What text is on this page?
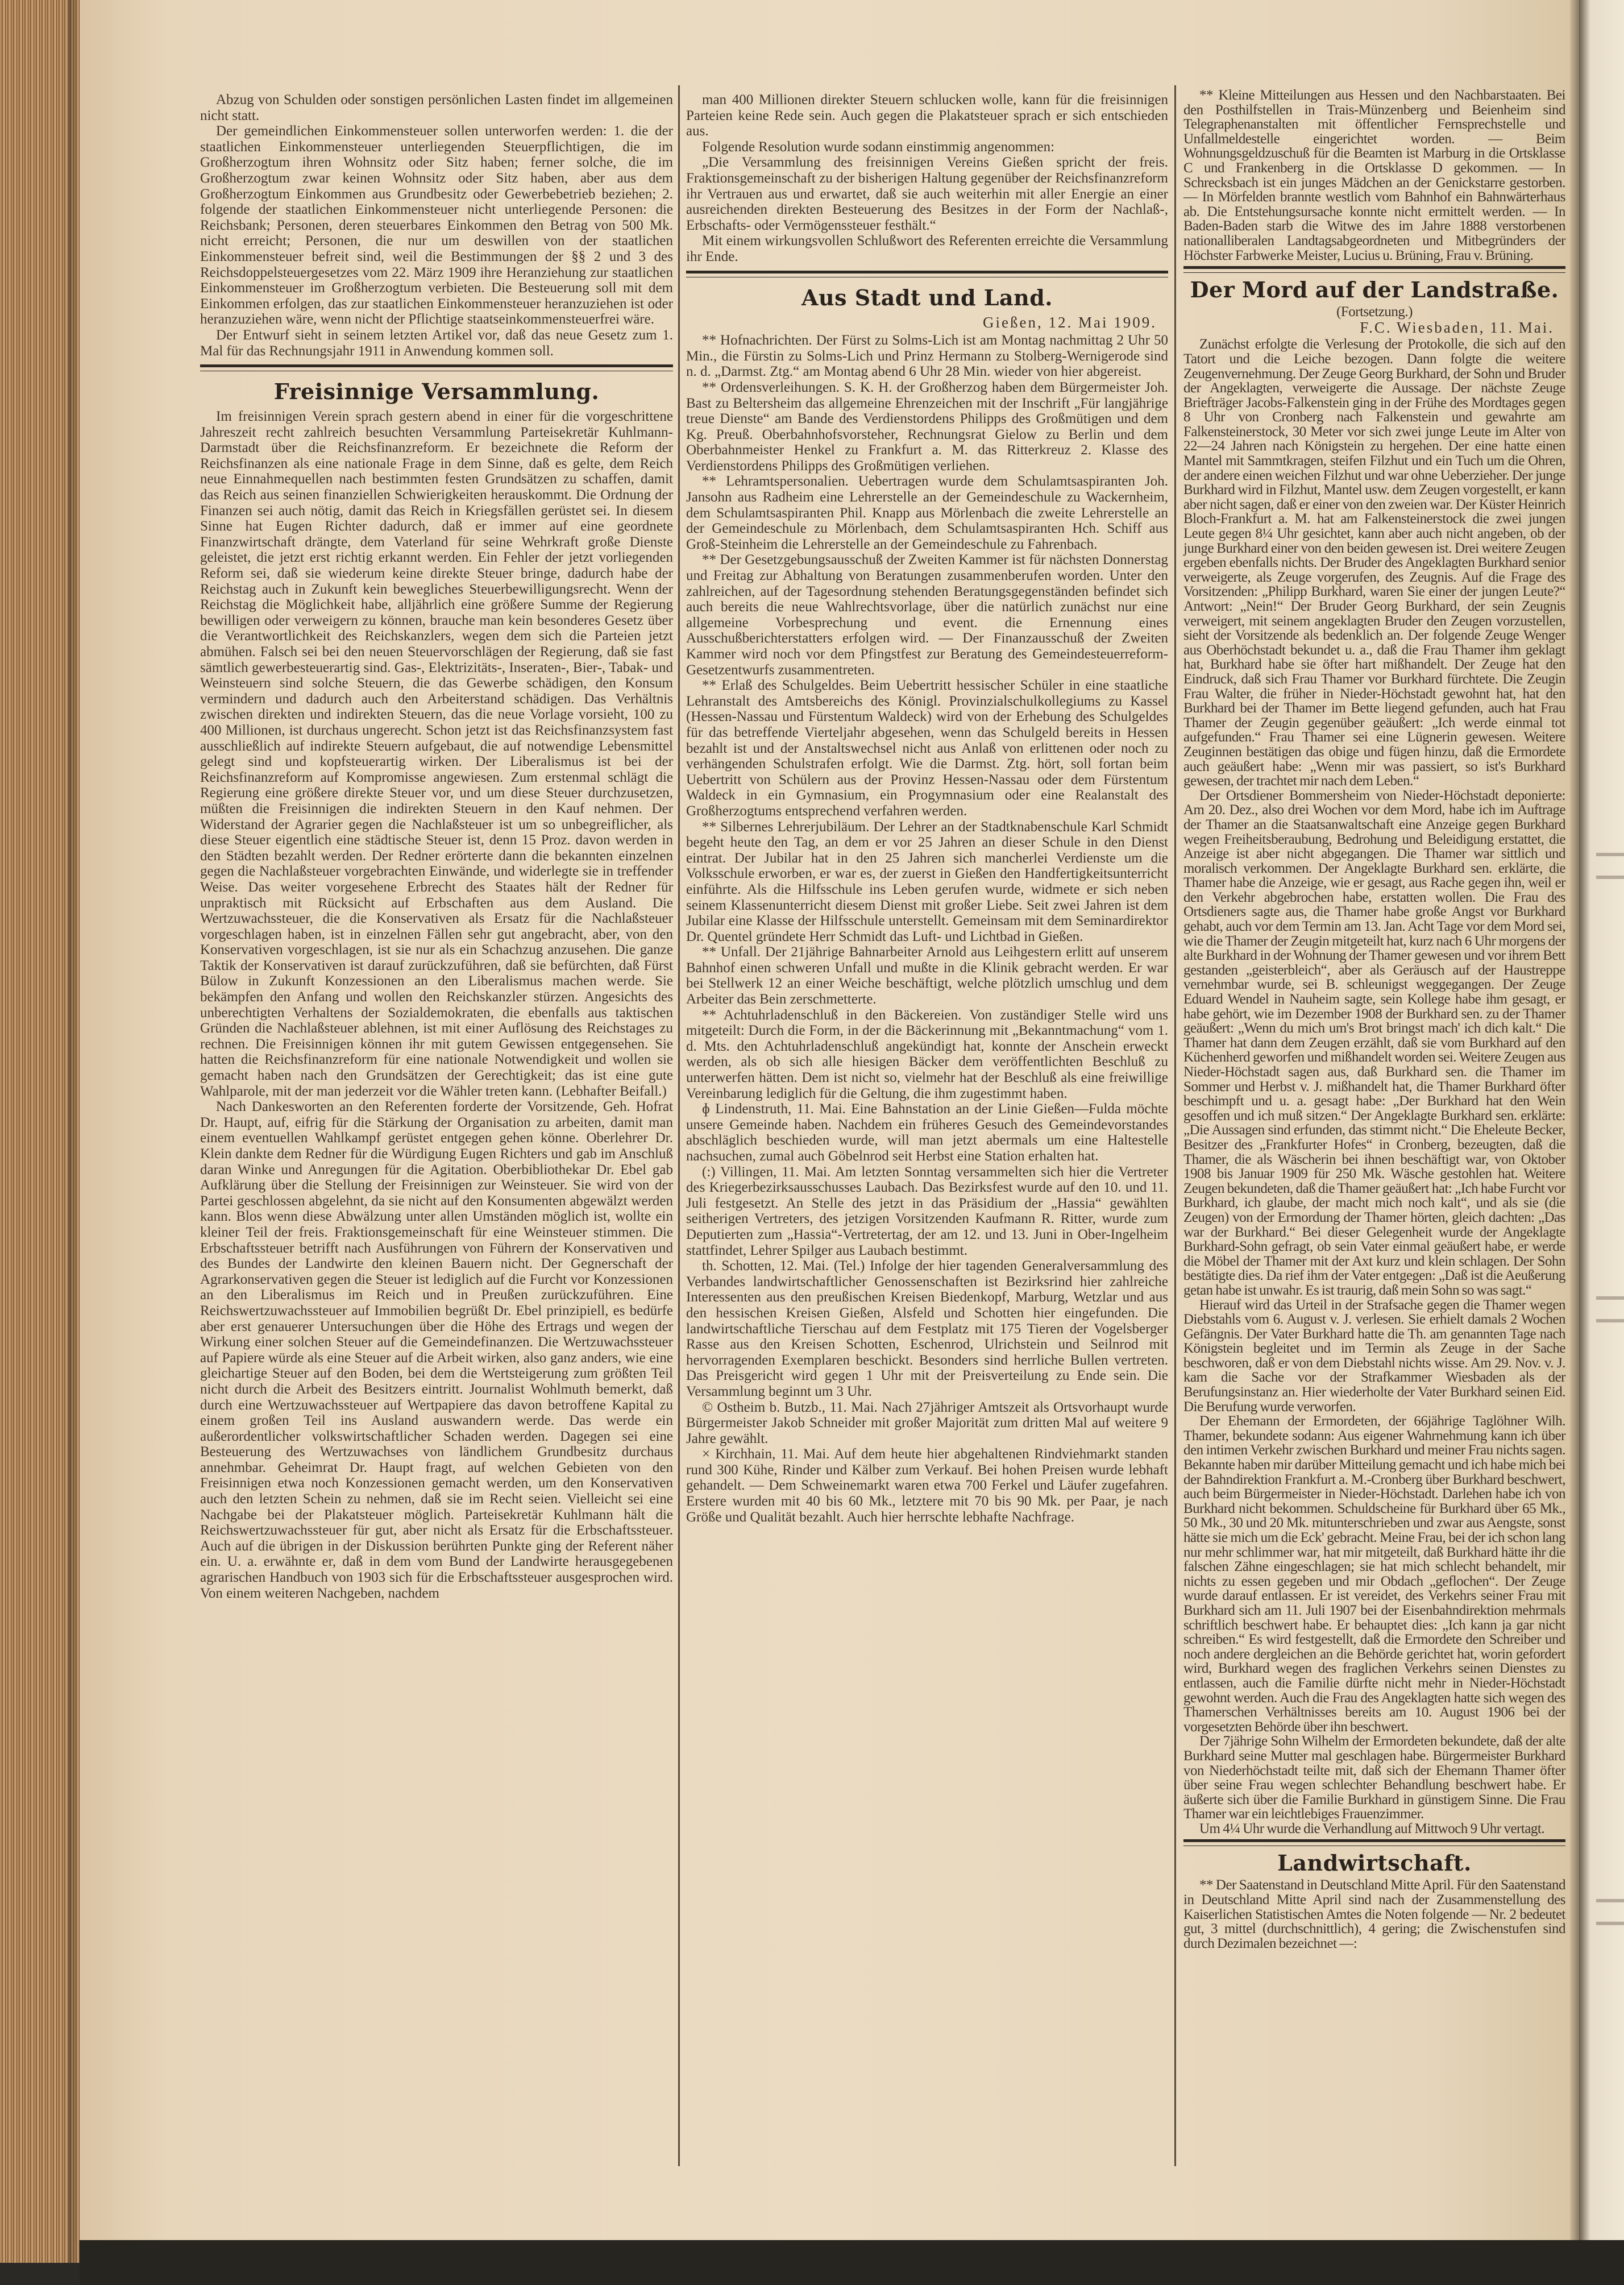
Abzug von Schulden oder sonstigen persönlichen Lasten findet im allgemeinen nicht statt.

Der gemeindlichen Einkommensteuer sollen unterworfen werden: 1. die der staatlichen Einkommensteuer unterliegenden Steuerpflichtigen, die im Großherzogtum ihren Wohnsitz oder Sitz haben; ferner solche, die im Großherzogtum zwar keinen Wohnsitz oder Sitz haben, aber aus dem Großherzogtum Einkommen aus Grundbesitz oder Gewerbebetrieb beziehen; 2. folgende der staatlichen Einkommensteuer nicht unterliegende Personen: die Reichsbank; Personen, deren steuerbares Einkommen den Betrag von 500 Mk. nicht erreicht; Personen, die nur um deswillen von der staatlichen Einkommensteuer befreit sind, weil die Bestimmungen der §§ 2 und 3 des Reichsdoppelsteuergesetzes vom 22. März 1909 ihre Heranziehung zur staatlichen Einkommensteuer im Großherzogtum verbieten. Die Besteuerung soll mit dem Einkommen erfolgen, das zur staatlichen Einkommensteuer heranzuziehen ist oder heranzuziehen wäre, wenn nicht der Pflichtige staatseinkommensteuerfrei wäre.

Der Entwurf sieht in seinem letzten Artikel vor, daß das neue Gesetz zum 1. Mal für das Rechnungsjahr 1911 in Anwendung kommen soll.

Freisinnige Versammlung.

Im freisinnigen Verein sprach gestern abend in einer für die vorgeschrittene Jahreszeit recht zahlreich besuchten Versammlung Parteisekretär Kuhlmann-Darmstadt über die Reichsfinanzreform. Er bezeichnete die Reform der Reichsfinanzen als eine nationale Frage in dem Sinne, daß es gelte, dem Reich neue Einnahmequellen nach bestimmten festen Grundsätzen zu schaffen, damit das Reich aus seinen finanziellen Schwierigkeiten herauskommt. Die Ordnung der Finanzen sei auch nötig, damit das Reich in Kriegsfällen gerüstet sei. In diesem Sinne hat Eugen Richter dadurch, daß er immer auf eine geordnete Finanzwirtschaft drängte, dem Vaterland für seine Wehrkraft große Dienste geleistet, die jetzt erst richtig erkannt werden. Ein Fehler der jetzt vorliegenden Reform sei, daß sie wiederum keine direkte Steuer bringe, dadurch habe der Reichstag auch in Zukunft kein bewegliches Steuerbewilligungsrecht. Wenn der Reichstag die Möglichkeit habe, alljährlich eine größere Summe der Regierung bewilligen oder verweigern zu können, brauche man kein besonderes Gesetz über die Verantwortlichkeit des Reichskanzlers, wegen dem sich die Parteien jetzt abmühen. Falsch sei bei den neuen Steuervorschlägen der Regierung, daß sie fast sämtlich gewerbesteuerartig sind. Gas-, Elektrizitäts-, Inseraten-, Bier-, Tabak- und Weinsteuern sind solche Steuern, die das Gewerbe schädigen, den Konsum vermindern und dadurch auch den Arbeiterstand schädigen. Das Verhältnis zwischen direkten und indirekten Steuern, das die neue Vorlage vorsieht, 100 zu 400 Millionen, ist durchaus ungerecht. Schon jetzt ist das Reichsfinanzsystem fast ausschließlich auf indirekte Steuern aufgebaut, die auf notwendige Lebensmittel gelegt sind und kopfsteuerartig wirken. Der Liberalismus ist bei der Reichsfinanzreform auf Kompromisse angewiesen. Zum erstenmal schlägt die Regierung eine größere direkte Steuer vor, und um diese Steuer durchzusetzen, müßten die Freisinnigen die indirekten Steuern in den Kauf nehmen. Der Widerstand der Agrarier gegen die Nachlaßsteuer ist um so unbegreiflicher, als diese Steuer eigentlich eine städtische Steuer ist, denn 15 Proz. davon werden in den Städten bezahlt werden. Der Redner erörterte dann die bekannten einzelnen gegen die Nachlaßsteuer vorgebrachten Einwände, und widerlegte sie in treffender Weise. Das weiter vorgesehene Erbrecht des Staates hält der Redner für unpraktisch mit Rücksicht auf Erbschaften aus dem Ausland. Die Wertzuwachssteuer, die die Konservativen als Ersatz für die Nachlaßsteuer vorgeschlagen haben, ist in einzelnen Fällen sehr gut angebracht, aber, von den Konservativen vorgeschlagen, ist sie nur als ein Schachzug anzusehen. Die ganze Taktik der Konservativen ist darauf zurückzuführen, daß sie befürchten, daß Fürst Bülow in Zukunft Konzessionen an den Liberalismus machen werde. Sie bekämpfen den Anfang und wollen den Reichskanzler stürzen. Angesichts des unberechtigten Verhaltens der Sozialdemokraten, die ebenfalls aus taktischen Gründen die Nachlaßsteuer ablehnen, ist mit einer Auflösung des Reichstages zu rechnen. Die Freisinnigen können ihr mit gutem Gewissen entgegensehen. Sie hatten die Reichsfinanzreform für eine nationale Notwendigkeit und wollen sie gemacht haben nach den Grundsätzen der Gerechtigkeit; das ist eine gute Wahlparole, mit der man jederzeit vor die Wähler treten kann. (Lebhafter Beifall.)

Nach Dankesworten an den Referenten forderte der Vorsitzende, Geh. Hofrat Dr. Haupt, auf, eifrig für die Stärkung der Organisation zu arbeiten, damit man einem eventuellen Wahlkampf gerüstet entgegen gehen könne. Oberlehrer Dr. Klein dankte dem Redner für die Würdigung Eugen Richters und gab im Anschluß daran Winke und Anregungen für die Agitation. Oberbibliothekar Dr. Ebel gab Aufklärung über die Stellung der Freisinnigen zur Weinsteuer. Sie wird von der Partei geschlossen abgelehnt, da sie nicht auf den Konsumenten abgewälzt werden kann. Blos wenn diese Abwälzung unter allen Umständen möglich ist, wollte ein kleiner Teil der freis. Fraktionsgemeinschaft für eine Weinsteuer stimmen. Die Erbschaftssteuer betrifft nach Ausführungen von Führern der Konservativen und des Bundes der Landwirte den kleinen Bauern nicht. Der Gegnerschaft der Agrarkonservativen gegen die Steuer ist lediglich auf die Furcht vor Konzessionen an den Liberalismus im Reich und in Preußen zurückzuführen. Eine Reichswertzuwachssteuer auf Immobilien begrüßt Dr. Ebel prinzipiell, es bedürfe aber erst genauerer Untersuchungen über die Höhe des Ertrags und wegen der Wirkung einer solchen Steuer auf die Gemeindefinanzen. Die Wertzuwachssteuer auf Papiere würde als eine Steuer auf die Arbeit wirken, also ganz anders, wie eine gleichartige Steuer auf den Boden, bei dem die Wertsteigerung zum größten Teil nicht durch die Arbeit des Besitzers eintritt. Journalist Wohlmuth bemerkt, daß durch eine Wertzuwachssteuer auf Wertpapiere das davon betroffene Kapital zu einem großen Teil ins Ausland auswandern werde. Das werde ein außerordentlicher volkswirtschaftlicher Schaden werden. Dagegen sei eine Besteuerung des Wertzuwachses von ländlichem Grundbesitz durchaus annehmbar. Geheimrat Dr. Haupt fragt, auf welchen Gebieten von den Freisinnigen etwa noch Konzessionen gemacht werden, um den Konservativen auch den letzten Schein zu nehmen, daß sie im Recht seien. Vielleicht sei eine Nachgabe bei der Plakatsteuer möglich. Parteisekretär Kuhlmann hält die Reichswertzuwachssteuer für gut, aber nicht als Ersatz für die Erbschaftssteuer. Auch auf die übrigen in der Diskussion berührten Punkte ging der Referent näher ein. U. a. erwähnte er, daß in dem vom Bund der Landwirte herausgegebenen agrarischen Handbuch von 1903 sich für die Erbschaftssteuer ausgesprochen wird. Von einem weiteren Nachgeben, nachdem

man 400 Millionen direkter Steuern schlucken wolle, kann für die freisinnigen Parteien keine Rede sein. Auch gegen die Plakatsteuer sprach er sich entschieden aus.

Folgende Resolution wurde sodann einstimmig angenommen:

„Die Versammlung des freisinnigen Vereins Gießen spricht der freis. Fraktionsgemeinschaft zu der bisherigen Haltung gegenüber der Reichsfinanzreform ihr Vertrauen aus und erwartet, daß sie auch weiterhin mit aller Energie an einer ausreichenden direkten Besteuerung des Besitzes in der Form der Nachlaß-, Erbschafts- oder Vermögenssteuer festhält.“

Mit einem wirkungsvollen Schlußwort des Referenten erreichte die Versammlung ihr Ende.

Aus Stadt und Land.
Gießen, 12. Mai 1909.

** Hofnachrichten. Der Fürst zu Solms-Lich ist am Montag nachmittag 2 Uhr 50 Min., die Fürstin zu Solms-Lich und Prinz Hermann zu Stolberg-Wernigerode sind n. d. „Darmst. Ztg.“ am Montag abend 6 Uhr 28 Min. wieder von hier abgereist.

** Ordensverleihungen. S. K. H. der Großherzog haben dem Bürgermeister Joh. Bast zu Beltersheim das allgemeine Ehrenzeichen mit der Inschrift „Für langjährige treue Dienste“ am Bande des Verdienstordens Philipps des Großmütigen und dem Kg. Preuß. Oberbahnhofsvorsteher, Rechnungsrat Gielow zu Berlin und dem Oberbahnmeister Henkel zu Frankfurt a. M. das Ritterkreuz 2. Klasse des Verdienstordens Philipps des Großmütigen verliehen.

** Lehramtspersonalien. Uebertragen wurde dem Schulamtsaspiranten Joh. Jansohn aus Radheim eine Lehrerstelle an der Gemeindeschule zu Wackernheim, dem Schulamtsaspiranten Phil. Knapp aus Mörlenbach die zweite Lehrerstelle an der Gemeindeschule zu Mörlenbach, dem Schulamtsaspiranten Hch. Schiff aus Groß-Steinheim die Lehrerstelle an der Gemeindeschule zu Fahrenbach.

** Der Gesetzgebungsausschuß der Zweiten Kammer ist für nächsten Donnerstag und Freitag zur Abhaltung von Beratungen zusammenberufen worden. Unter den zahlreichen, auf der Tagesordnung stehenden Beratungsgegenständen befindet sich auch bereits die neue Wahlrechtsvorlage, über die natürlich zunächst nur eine allgemeine Vorbesprechung und event. die Ernennung eines Ausschußberichterstatters erfolgen wird. — Der Finanzausschuß der Zweiten Kammer wird noch vor dem Pfingstfest zur Beratung des Gemeindesteuerreform-Gesetzentwurfs zusammentreten.

** Erlaß des Schulgeldes. Beim Uebertritt hessischer Schüler in eine staatliche Lehranstalt des Amtsbereichs des Königl. Provinzialschulkollegiums zu Kassel (Hessen-Nassau und Fürstentum Waldeck) wird von der Erhebung des Schulgeldes für das betreffende Vierteljahr abgesehen, wenn das Schulgeld bereits in Hessen bezahlt ist und der Anstaltswechsel nicht aus Anlaß von erlittenen oder noch zu verhängenden Schulstrafen erfolgt. Wie die Darmst. Ztg. hört, soll fortan beim Uebertritt von Schülern aus der Provinz Hessen-Nassau oder dem Fürstentum Waldeck in ein Gymnasium, ein Progymnasium oder eine Realanstalt des Großherzogtums entsprechend verfahren werden.

** Silbernes Lehrerjubiläum. Der Lehrer an der Stadtknabenschule Karl Schmidt begeht heute den Tag, an dem er vor 25 Jahren an dieser Schule in den Dienst eintrat. Der Jubilar hat in den 25 Jahren sich mancherlei Verdienste um die Volksschule erworben, er war es, der zuerst in Gießen den Handfertigkeitsunterricht einführte. Als die Hilfsschule ins Leben gerufen wurde, widmete er sich neben seinem Klassenunterricht diesem Dienst mit großer Liebe. Seit zwei Jahren ist dem Jubilar eine Klasse der Hilfsschule unterstellt. Gemeinsam mit dem Seminardirektor Dr. Quentel gründete Herr Schmidt das Luft- und Lichtbad in Gießen.

** Unfall. Der 21jährige Bahnarbeiter Arnold aus Leihgestern erlitt auf unserem Bahnhof einen schweren Unfall und mußte in die Klinik gebracht werden. Er war bei Stellwerk 12 an einer Weiche beschäftigt, welche plötzlich umschlug und dem Arbeiter das Bein zerschmetterte.

** Achtuhrladenschluß in den Bäckereien. Von zuständiger Stelle wird uns mitgeteilt: Durch die Form, in der die Bäckerinnung mit „Bekanntmachung“ vom 1. d. Mts. den Achtuhrladenschluß angekündigt hat, konnte der Anschein erweckt werden, als ob sich alle hiesigen Bäcker dem veröffentlichten Beschluß zu unterwerfen hätten. Dem ist nicht so, vielmehr hat der Beschluß als eine freiwillige Vereinbarung lediglich für die Geltung, die ihm zugestimmt haben.

ɸ Lindenstruth, 11. Mai. Eine Bahnstation an der Linie Gießen—Fulda möchte unsere Gemeinde haben. Nachdem ein früheres Gesuch des Gemeindevorstandes abschläglich beschieden wurde, will man jetzt abermals um eine Haltestelle nachsuchen, zumal auch Göbelnrod seit Herbst eine Station erhalten hat.

(:) Villingen, 11. Mai. Am letzten Sonntag versammelten sich hier die Vertreter des Kriegerbezirksausschusses Laubach. Das Bezirksfest wurde auf den 10. und 11. Juli festgesetzt. An Stelle des jetzt in das Präsidium der „Hassia“ gewählten seitherigen Vertreters, des jetzigen Vorsitzenden Kaufmann R. Ritter, wurde zum Deputierten zum „Hassia“-Vertretertag, der am 12. und 13. Juni in Ober-Ingelheim stattfindet, Lehrer Spilger aus Laubach bestimmt.

th. Schotten, 12. Mai. (Tel.) Infolge der hier tagenden Generalversammlung des Verbandes landwirtschaftlicher Genossenschaften ist Bezirksrind hier zahlreiche Interessenten aus den preußischen Kreisen Biedenkopf, Marburg, Wetzlar und aus den hessischen Kreisen Gießen, Alsfeld und Schotten hier eingefunden. Die landwirtschaftliche Tierschau auf dem Festplatz mit 175 Tieren der Vogelsberger Rasse aus den Kreisen Schotten, Eschenrod, Ulrichstein und Seilnrod mit hervorragenden Exemplaren beschickt. Besonders sind herrliche Bullen vertreten. Das Preisgericht wird gegen 1 Uhr mit der Preisverteilung zu Ende sein. Die Versammlung beginnt um 3 Uhr.

© Ostheim b. Butzb., 11. Mai. Nach 27jähriger Amtszeit als Ortsvorhaupt wurde Bürgermeister Jakob Schneider mit großer Majorität zum dritten Mal auf weitere 9 Jahre gewählt.

× Kirchhain, 11. Mai. Auf dem heute hier abgehaltenen Rindviehmarkt standen rund 300 Kühe, Rinder und Kälber zum Verkauf. Bei hohen Preisen wurde lebhaft gehandelt. — Dem Schweinemarkt waren etwa 700 Ferkel und Läufer zugefahren. Erstere wurden mit 40 bis 60 Mk., letztere mit 70 bis 90 Mk. per Paar, je nach Größe und Qualität bezahlt. Auch hier herrschte lebhafte Nachfrage.

** Kleine Mitteilungen aus Hessen und den Nachbarstaaten. Bei den Posthilfstellen in Trais-Münzenberg und Beienheim sind Telegraphenanstalten mit öffentlicher Fernsprechstelle und Unfallmeldestelle eingerichtet worden. — Beim Wohnungsgeldzuschuß für die Beamten ist Marburg in die Ortsklasse C und Frankenberg in die Ortsklasse D gekommen. — In Schrecksbach ist ein junges Mädchen an der Genickstarre gestorben. — In Mörfelden brannte westlich vom Bahnhof ein Bahnwärterhaus ab. Die Entstehungsursache konnte nicht ermittelt werden. — In Baden-Baden starb die Witwe des im Jahre 1888 verstorbenen nationalliberalen Landtagsabgeordneten und Mitbegründers der Höchster Farbwerke Meister, Lucius u. Brüning, Frau v. Brüning.

Der Mord auf der Landstraße.
(Fortsetzung.)
F.C. Wiesbaden, 11. Mai.

Zunächst erfolgte die Verlesung der Protokolle, die sich auf den Tatort und die Leiche bezogen. Dann folgte die weitere Zeugenvernehmung. Der Zeuge Georg Burkhard, der Sohn und Bruder der Angeklagten, verweigerte die Aussage. Der nächste Zeuge Briefträger Jacobs-Falkenstein ging in der Frühe des Mordtages gegen 8 Uhr von Cronberg nach Falkenstein und gewahrte am Falkensteinerstock, 30 Meter vor sich zwei junge Leute im Alter von 22—24 Jahren nach Königstein zu hergehen. Der eine hatte einen Mantel mit Sammtkragen, steifen Filzhut und ein Tuch um die Ohren, der andere einen weichen Filzhut und war ohne Ueberzieher. Der junge Burkhard wird in Filzhut, Mantel usw. dem Zeugen vorgestellt, er kann aber nicht sagen, daß er einer von den zweien war. Der Küster Heinrich Bloch-Frankfurt a. M. hat am Falkensteinerstock die zwei jungen Leute gegen 8¼ Uhr gesichtet, kann aber auch nicht angeben, ob der junge Burkhard einer von den beiden gewesen ist. Drei weitere Zeugen ergeben ebenfalls nichts. Der Bruder des Angeklagten Burkhard senior verweigerte, als Zeuge vorgerufen, des Zeugnis. Auf die Frage des Vorsitzenden: „Philipp Burkhard, waren Sie einer der jungen Leute?“ Antwort: „Nein!“ Der Bruder Georg Burkhard, der sein Zeugnis verweigert, mit seinem angeklagten Bruder den Zeugen vorzustellen, sieht der Vorsitzende als bedenklich an. Der folgende Zeuge Wenger aus Oberhöchstadt bekundet u. a., daß die Frau Thamer ihm geklagt hat, Burkhard habe sie öfter hart mißhandelt. Der Zeuge hat den Eindruck, daß sich Frau Thamer vor Burkhard fürchtete. Die Zeugin Frau Walter, die früher in Nieder-Höchstadt gewohnt hat, hat den Burkhard bei der Thamer im Bette liegend gefunden, auch hat Frau Thamer der Zeugin gegenüber geäußert: „Ich werde einmal tot aufgefunden.“ Frau Thamer sei eine Lügnerin gewesen. Weitere Zeuginnen bestätigen das obige und fügen hinzu, daß die Ermordete auch geäußert habe: „Wenn mir was passiert, so ist's Burkhard gewesen, der trachtet mir nach dem Leben.“

Der Ortsdiener Bommersheim von Nieder-Höchstadt deponierte: Am 20. Dez., also drei Wochen vor dem Mord, habe ich im Auftrage der Thamer an die Staatsanwaltschaft eine Anzeige gegen Burkhard wegen Freiheitsberaubung, Bedrohung und Beleidigung erstattet, die Anzeige ist aber nicht abgegangen. Die Thamer war sittlich und moralisch verkommen. Der Angeklagte Burkhard sen. erklärte, die Thamer habe die Anzeige, wie er gesagt, aus Rache gegen ihn, weil er den Verkehr abgebrochen habe, erstatten wollen. Die Frau des Ortsdieners sagte aus, die Thamer habe große Angst vor Burkhard gehabt, auch vor dem Termin am 13. Jan. Acht Tage vor dem Mord sei, wie die Thamer der Zeugin mitgeteilt hat, kurz nach 6 Uhr morgens der alte Burkhard in der Wohnung der Thamer gewesen und vor ihrem Bett gestanden „geisterbleich“, aber als Geräusch auf der Haustreppe vernehmbar wurde, sei B. schleunigst weggegangen. Der Zeuge Eduard Wendel in Nauheim sagte, sein Kollege habe ihm gesagt, er habe gehört, wie im Dezember 1908 der Burkhard sen. zu der Thamer geäußert: „Wenn du mich um's Brot bringst mach' ich dich kalt.“ Die Thamer hat dann dem Zeugen erzählt, daß sie vom Burkhard auf den Küchenherd geworfen und mißhandelt worden sei. Weitere Zeugen aus Nieder-Höchstadt sagen aus, daß Burkhard sen. die Thamer im Sommer und Herbst v. J. mißhandelt hat, die Thamer Burkhard öfter beschimpft und u. a. gesagt habe: „Der Burkhard hat den Wein gesoffen und ich muß sitzen.“ Der Angeklagte Burkhard sen. erklärte: „Die Aussagen sind erfunden, das stimmt nicht.“ Die Eheleute Becker, Besitzer des „Frankfurter Hofes“ in Cronberg, bezeugten, daß die Thamer, die als Wäscherin bei ihnen beschäftigt war, von Oktober 1908 bis Januar 1909 für 250 Mk. Wäsche gestohlen hat. Weitere Zeugen bekundeten, daß die Thamer geäußert hat: „Ich habe Furcht vor Burkhard, ich glaube, der macht mich noch kalt“, und als sie (die Zeugen) von der Ermordung der Thamer hörten, gleich dachten: „Das war der Burkhard.“ Bei dieser Gelegenheit wurde der Angeklagte Burkhard-Sohn gefragt, ob sein Vater einmal geäußert habe, er werde die Möbel der Thamer mit der Axt kurz und klein schlagen. Der Sohn bestätigte dies. Da rief ihm der Vater entgegen: „Daß ist die Aeußerung getan habe ist unwahr. Es ist traurig, daß mein Sohn so was sagt.“

Hierauf wird das Urteil in der Strafsache gegen die Thamer wegen Diebstahls vom 6. August v. J. verlesen. Sie erhielt damals 2 Wochen Gefängnis. Der Vater Burkhard hatte die Th. am genannten Tage nach Königstein begleitet und im Termin als Zeuge in der Sache beschworen, daß er von dem Diebstahl nichts wisse. Am 29. Nov. v. J. kam die Sache vor der Strafkammer Wiesbaden als der Berufungsinstanz an. Hier wiederholte der Vater Burkhard seinen Eid. Die Berufung wurde verworfen.

Der Ehemann der Ermordeten, der 66jährige Taglöhner Wilh. Thamer, bekundete sodann: Aus eigener Wahrnehmung kann ich über den intimen Verkehr zwischen Burkhard und meiner Frau nichts sagen. Bekannte haben mir darüber Mitteilung gemacht und ich habe mich bei der Bahndirektion Frankfurt a. M.-Cronberg über Burkhard beschwert, auch beim Bürgermeister in Nieder-Höchstadt. Darlehen habe ich von Burkhard nicht bekommen. Schuldscheine für Burkhard über 65 Mk., 50 Mk., 30 und 20 Mk. mitunterschrieben und zwar aus Aengste, sonst hätte sie mich um die Eck' gebracht. Meine Frau, bei der ich schon lang nur mehr schlimmer war, hat mir mitgeteilt, daß Burkhard hätte ihr die falschen Zähne eingeschlagen; sie hat mich schlecht behandelt, mir nichts zu essen gegeben und mir Obdach „geflochen“. Der Zeuge wurde darauf entlassen. Er ist vereidet, des Verkehrs seiner Frau mit Burkhard sich am 11. Juli 1907 bei der Eisenbahndirektion mehrmals schriftlich beschwert habe. Er behauptet dies: „Ich kann ja gar nicht schreiben.“ Es wird festgestellt, daß die Ermordete den Schreiber und noch andere dergleichen an die Behörde gerichtet hat, worin gefordert wird, Burkhard wegen des fraglichen Verkehrs seinen Dienstes zu entlassen, auch die Familie dürfte nicht mehr in Nieder-Höchstadt gewohnt werden. Auch die Frau des Angeklagten hatte sich wegen des Thamerschen Verhältnisses bereits am 10. August 1906 bei der vorgesetzten Behörde über ihn beschwert.

Der 7jährige Sohn Wilhelm der Ermordeten bekundete, daß der alte Burkhard seine Mutter mal geschlagen habe. Bürgermeister Burkhard von Niederhöchstadt teilte mit, daß sich der Ehemann Thamer öfter über seine Frau wegen schlechter Behandlung beschwert habe. Er äußerte sich über die Familie Burkhard in günstigem Sinne. Die Frau Thamer war ein leichtlebiges Frauenzimmer.

Um 4¼ Uhr wurde die Verhandlung auf Mittwoch 9 Uhr vertagt.

Landwirtschaft.

** Der Saatenstand in Deutschland Mitte April. Für den Saatenstand in Deutschland Mitte April sind nach der Zusammenstellung des Kaiserlichen Statistischen Amtes die Noten folgende — Nr. 2 bedeutet gut, 3 mittel (durchschnittlich), 4 gering; die Zwischenstufen sind durch Dezimalen bezeichnet —:
